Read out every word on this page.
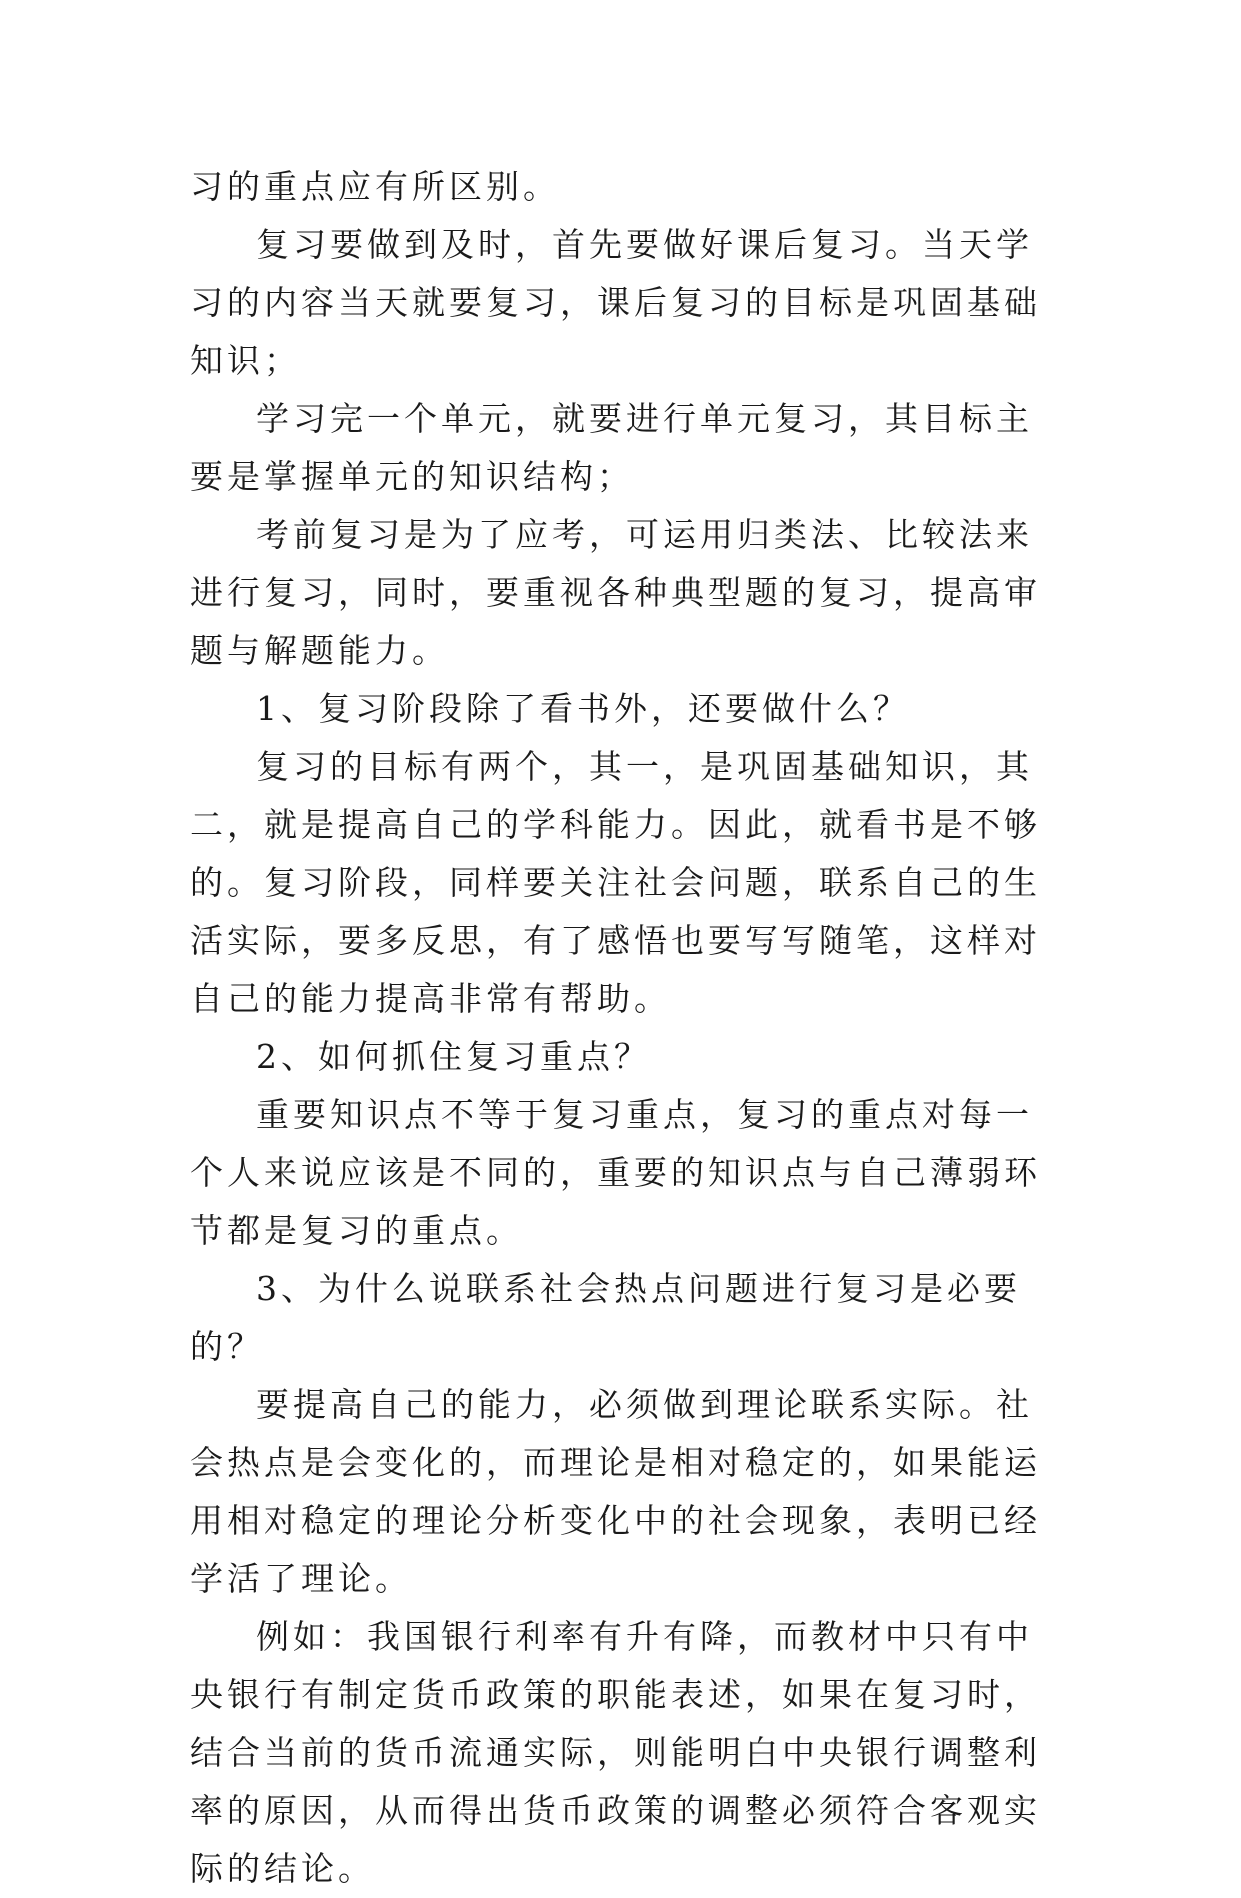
习的重点应有所区别。

复习要做到及时，首先要做好课后复习。当天学习的内容当天就要复习，课后复习的目标是巩固基础知识；

学习完一个单元，就要进行单元复习，其目标主要是掌握单元的知识结构；

考前复习是为了应考，可运用归类法、比较法来进行复习，同时，要重视各种典型题的复习，提高审题与解题能力。

1、复习阶段除了看书外，还要做什么？

复习的目标有两个，其一，是巩固基础知识，其二，就是提高自己的学科能力。因此，就看书是不够的。复习阶段，同样要关注社会问题，联系自己的生活实际，要多反思，有了感悟也要写写随笔，这样对自己的能力提高非常有帮助。

2、如何抓住复习重点？

重要知识点不等于复习重点，复习的重点对每一个人来说应该是不同的，重要的知识点与自己薄弱环节都是复习的重点。

3、为什么说联系社会热点问题进行复习是必要的？

要提高自己的能力，必须做到理论联系实际。社会热点是会变化的，而理论是相对稳定的，如果能运用相对稳定的理论分析变化中的社会现象，表明已经学活了理论。

例如：我国银行利率有升有降，而教材中只有中央银行有制定货币政策的职能表述，如果在复习时，结合当前的货币流通实际，则能明白中央银行调整利率的原因，从而得出货币政策的调整必须符合客观实际的结论。
